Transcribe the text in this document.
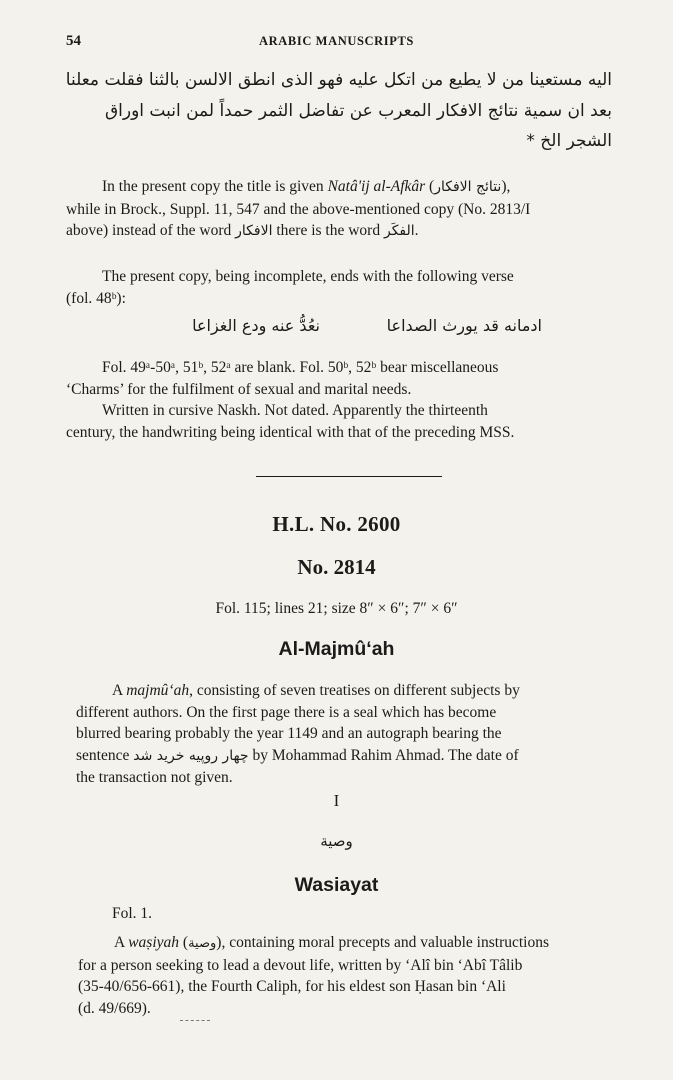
54	ARABIC MANUSCRIPTS
اليه مستعينا من لا يطيع من اتكل عليه فهو الذى انطق الالسن بالثنا فقلت معلنا
بعد ان سمية نتائج الافكار المعرب عن تفاضل الثمر حمداً لمن انبت اوراق
الشجر الخ *

In the present copy the title is given Natâ'ij al-Afkâr (نتائج الافكار),

while in Brock., Suppl. 11, 547 and the above-mentioned copy (No. 2813/I

above) instead of the word الافكار there is the word الفكَر.

The present copy, being incomplete, ends with the following verse

(fol. 48ᵇ):

ادمانه قد يورث الصداعا
نعُدُّ عنه ودع الغزاعا

Fol. 49ᵃ-50ᵃ, 51ᵇ, 52ᵃ are blank. Fol. 50ᵇ, 52ᵇ bear miscellaneous

‘Charms’ for the fulfilment of sexual and marital needs.

Written in cursive Naskh. Not dated. Apparently the thirteenth

century, the handwriting being identical with that of the preceding MSS.

H.L. No. 2600
No. 2814
Fol. 115; lines 21; size 8″ × 6″; 7″ × 6″
Al-Majmû‘ah

A majmû‘ah, consisting of seven treatises on different subjects by

different authors. On the first page there is a seal which has become

blurred bearing probably the year 1149 and an autograph bearing the

sentence چهار روپیه خرید شد by Mohammad Rahim Ahmad. The date of

the transaction not given.

I
وصية
Wasiayat
Fol. 1.

A waṣiyah (وصية), containing moral precepts and valuable instructions

for a person seeking to lead a devout life, written by ‘Alî bin ‘Abî Tâlib

(35-40/656-661), the Fourth Caliph, for his eldest son Ḥasan bin ‘Ali

(d. 49/669).
